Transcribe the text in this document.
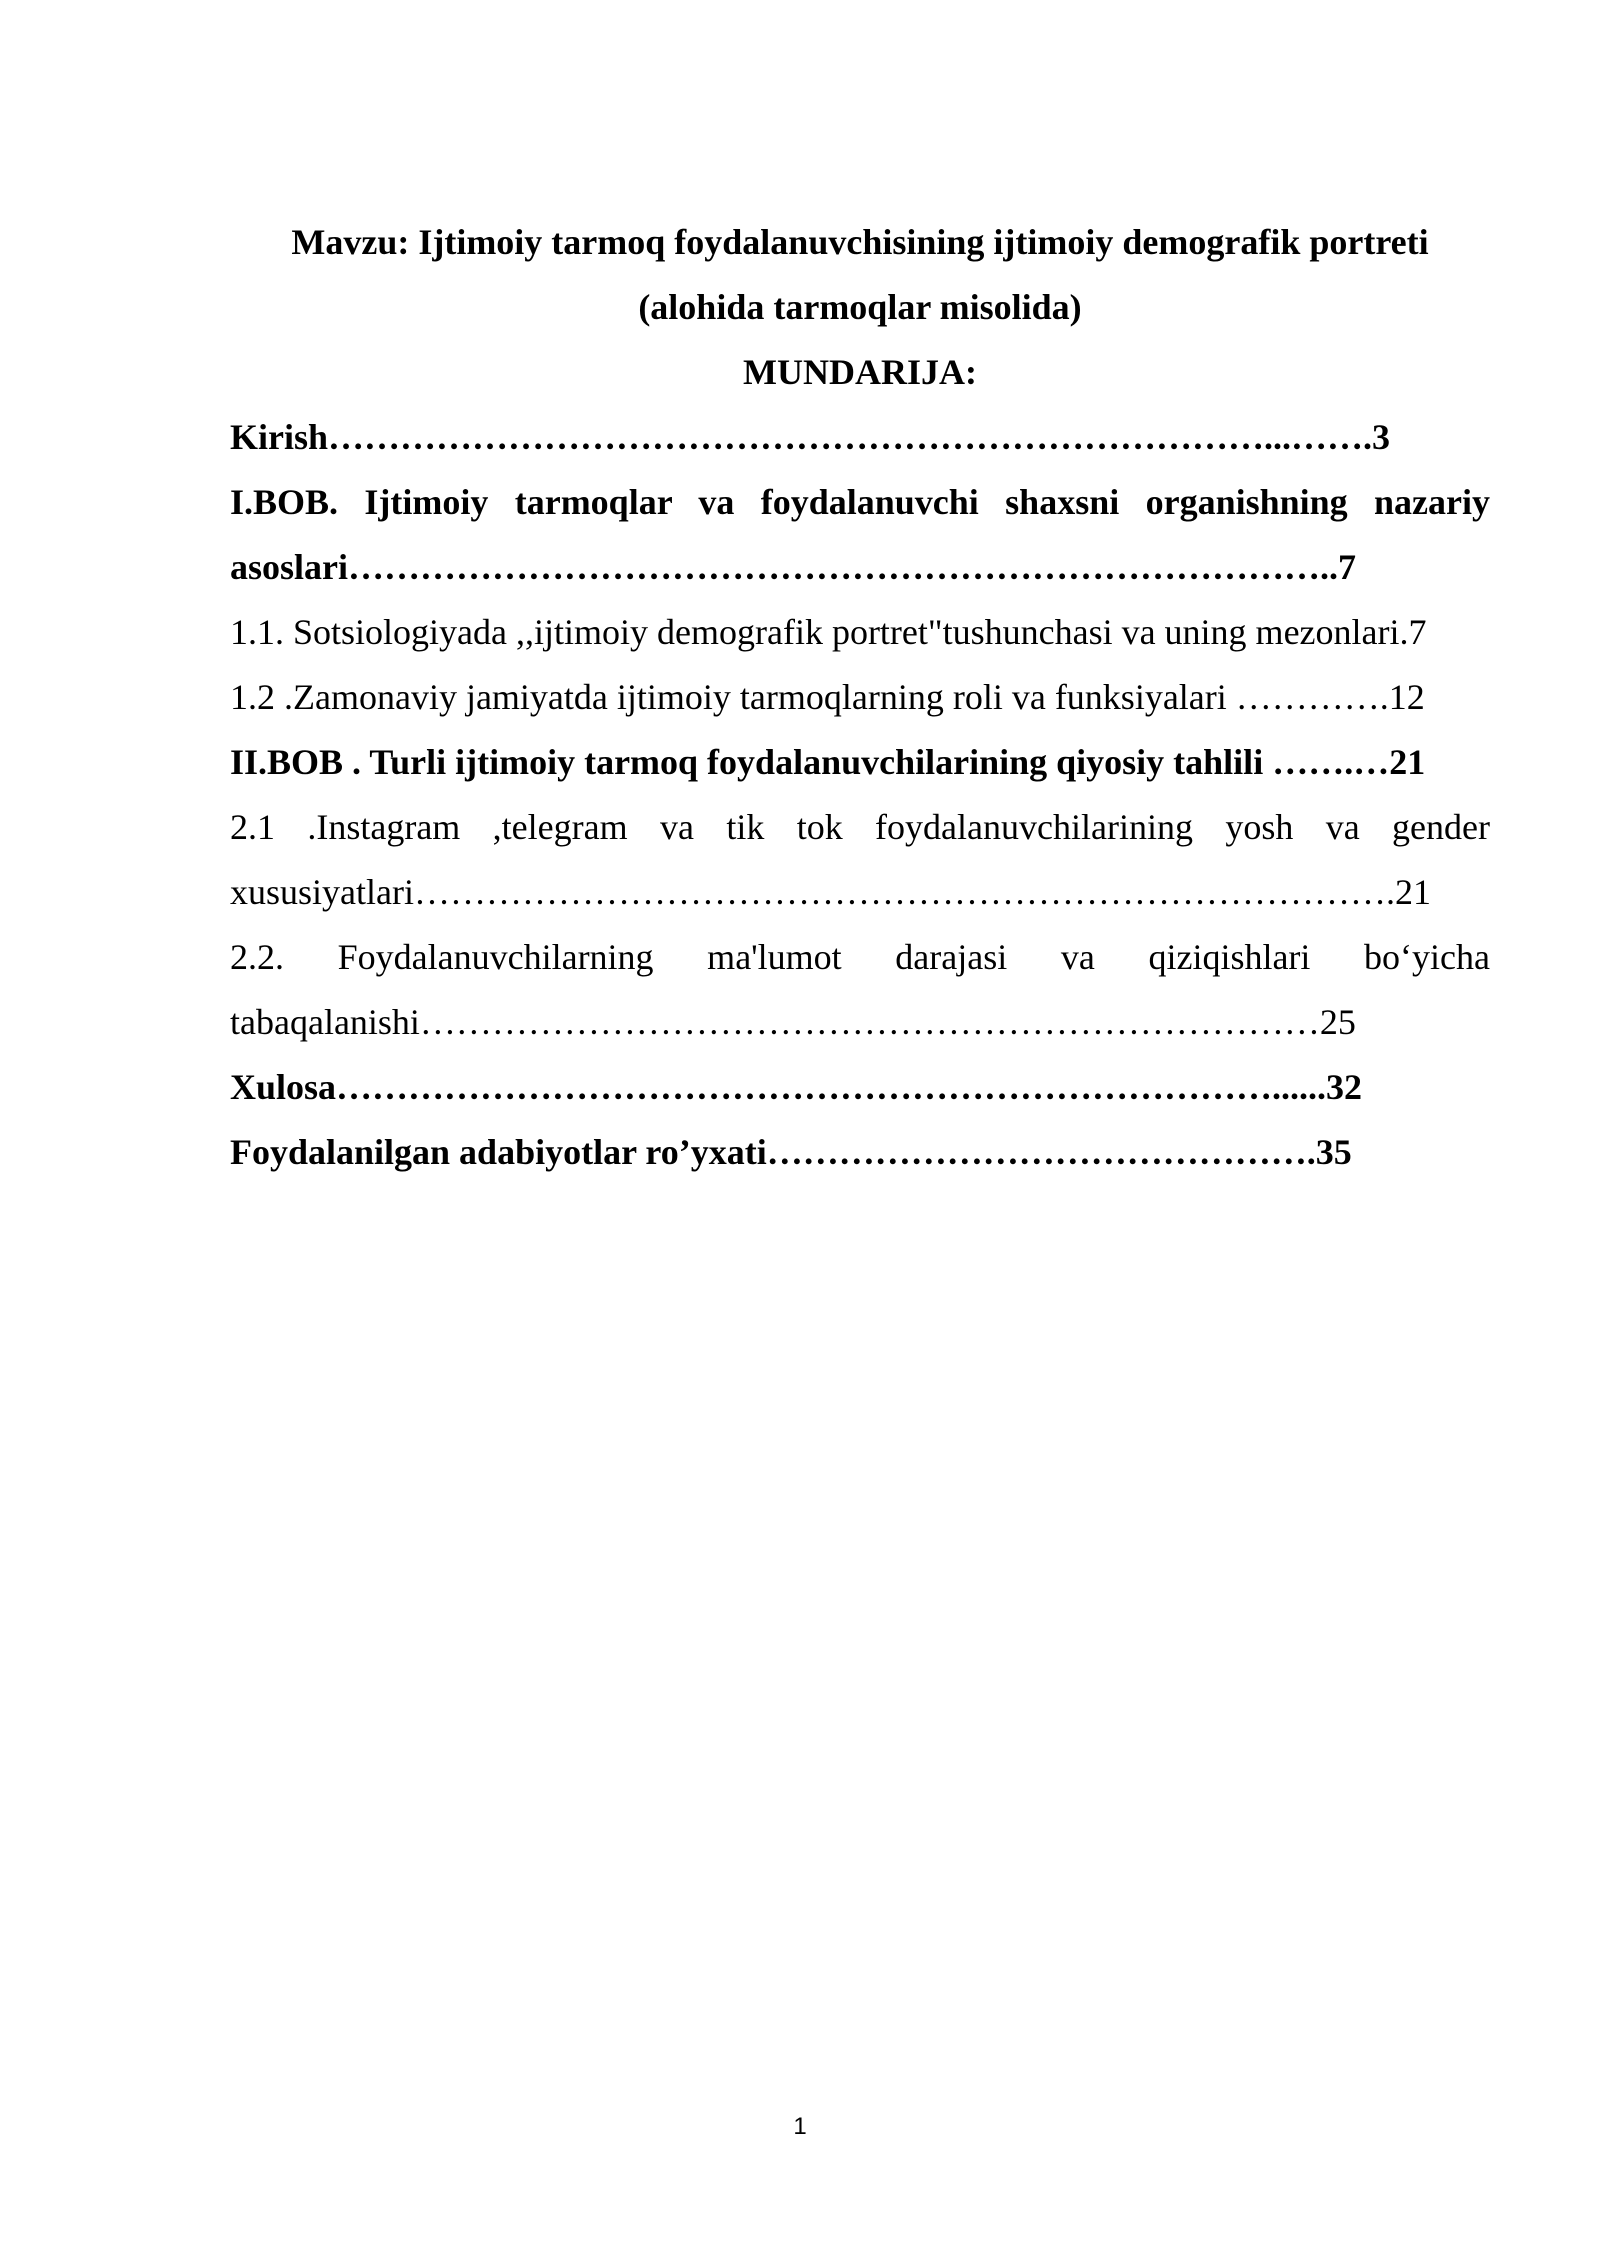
Mavzu: Ijtimoiy tarmoq foydalanuvchisining ijtimoiy demografik portreti
(alohida tarmoqlar misolida)
MUNDARIJA:
Kirish……………………………………………………………………...…….3
I.BOB. Ijtimoiy tarmoqlar va foydalanuvchi shaxsni organishning nazariy
asoslari………………………………………………………………………..7
1.1. Sotsiologiyada ,,ijtimoiy demografik portret"tushunchasi va uning mezonlari.7
1.2 .Zamonaviy jamiyatda ijtimoiy tarmoqlarning roli va funksiyalari ………….12
II.BOB . Turli ijtimoiy tarmoq foydalanuvchilarining qiyosiy tahlili …….…21
2.1 .Instagram ,telegram va tik tok foydalanuvchilarining yosh va gender
xususiyatlari……………………………………………………………………….21
2.2. Foydalanuvchilarning ma'lumot darajasi va qiziqishlari bo‘yicha
tabaqalanishi…………………………………………………………………25
Xulosa……………………………………………………………………......32
Foydalanilgan adabiyotlar ro’yxati……………………………………….35
1
